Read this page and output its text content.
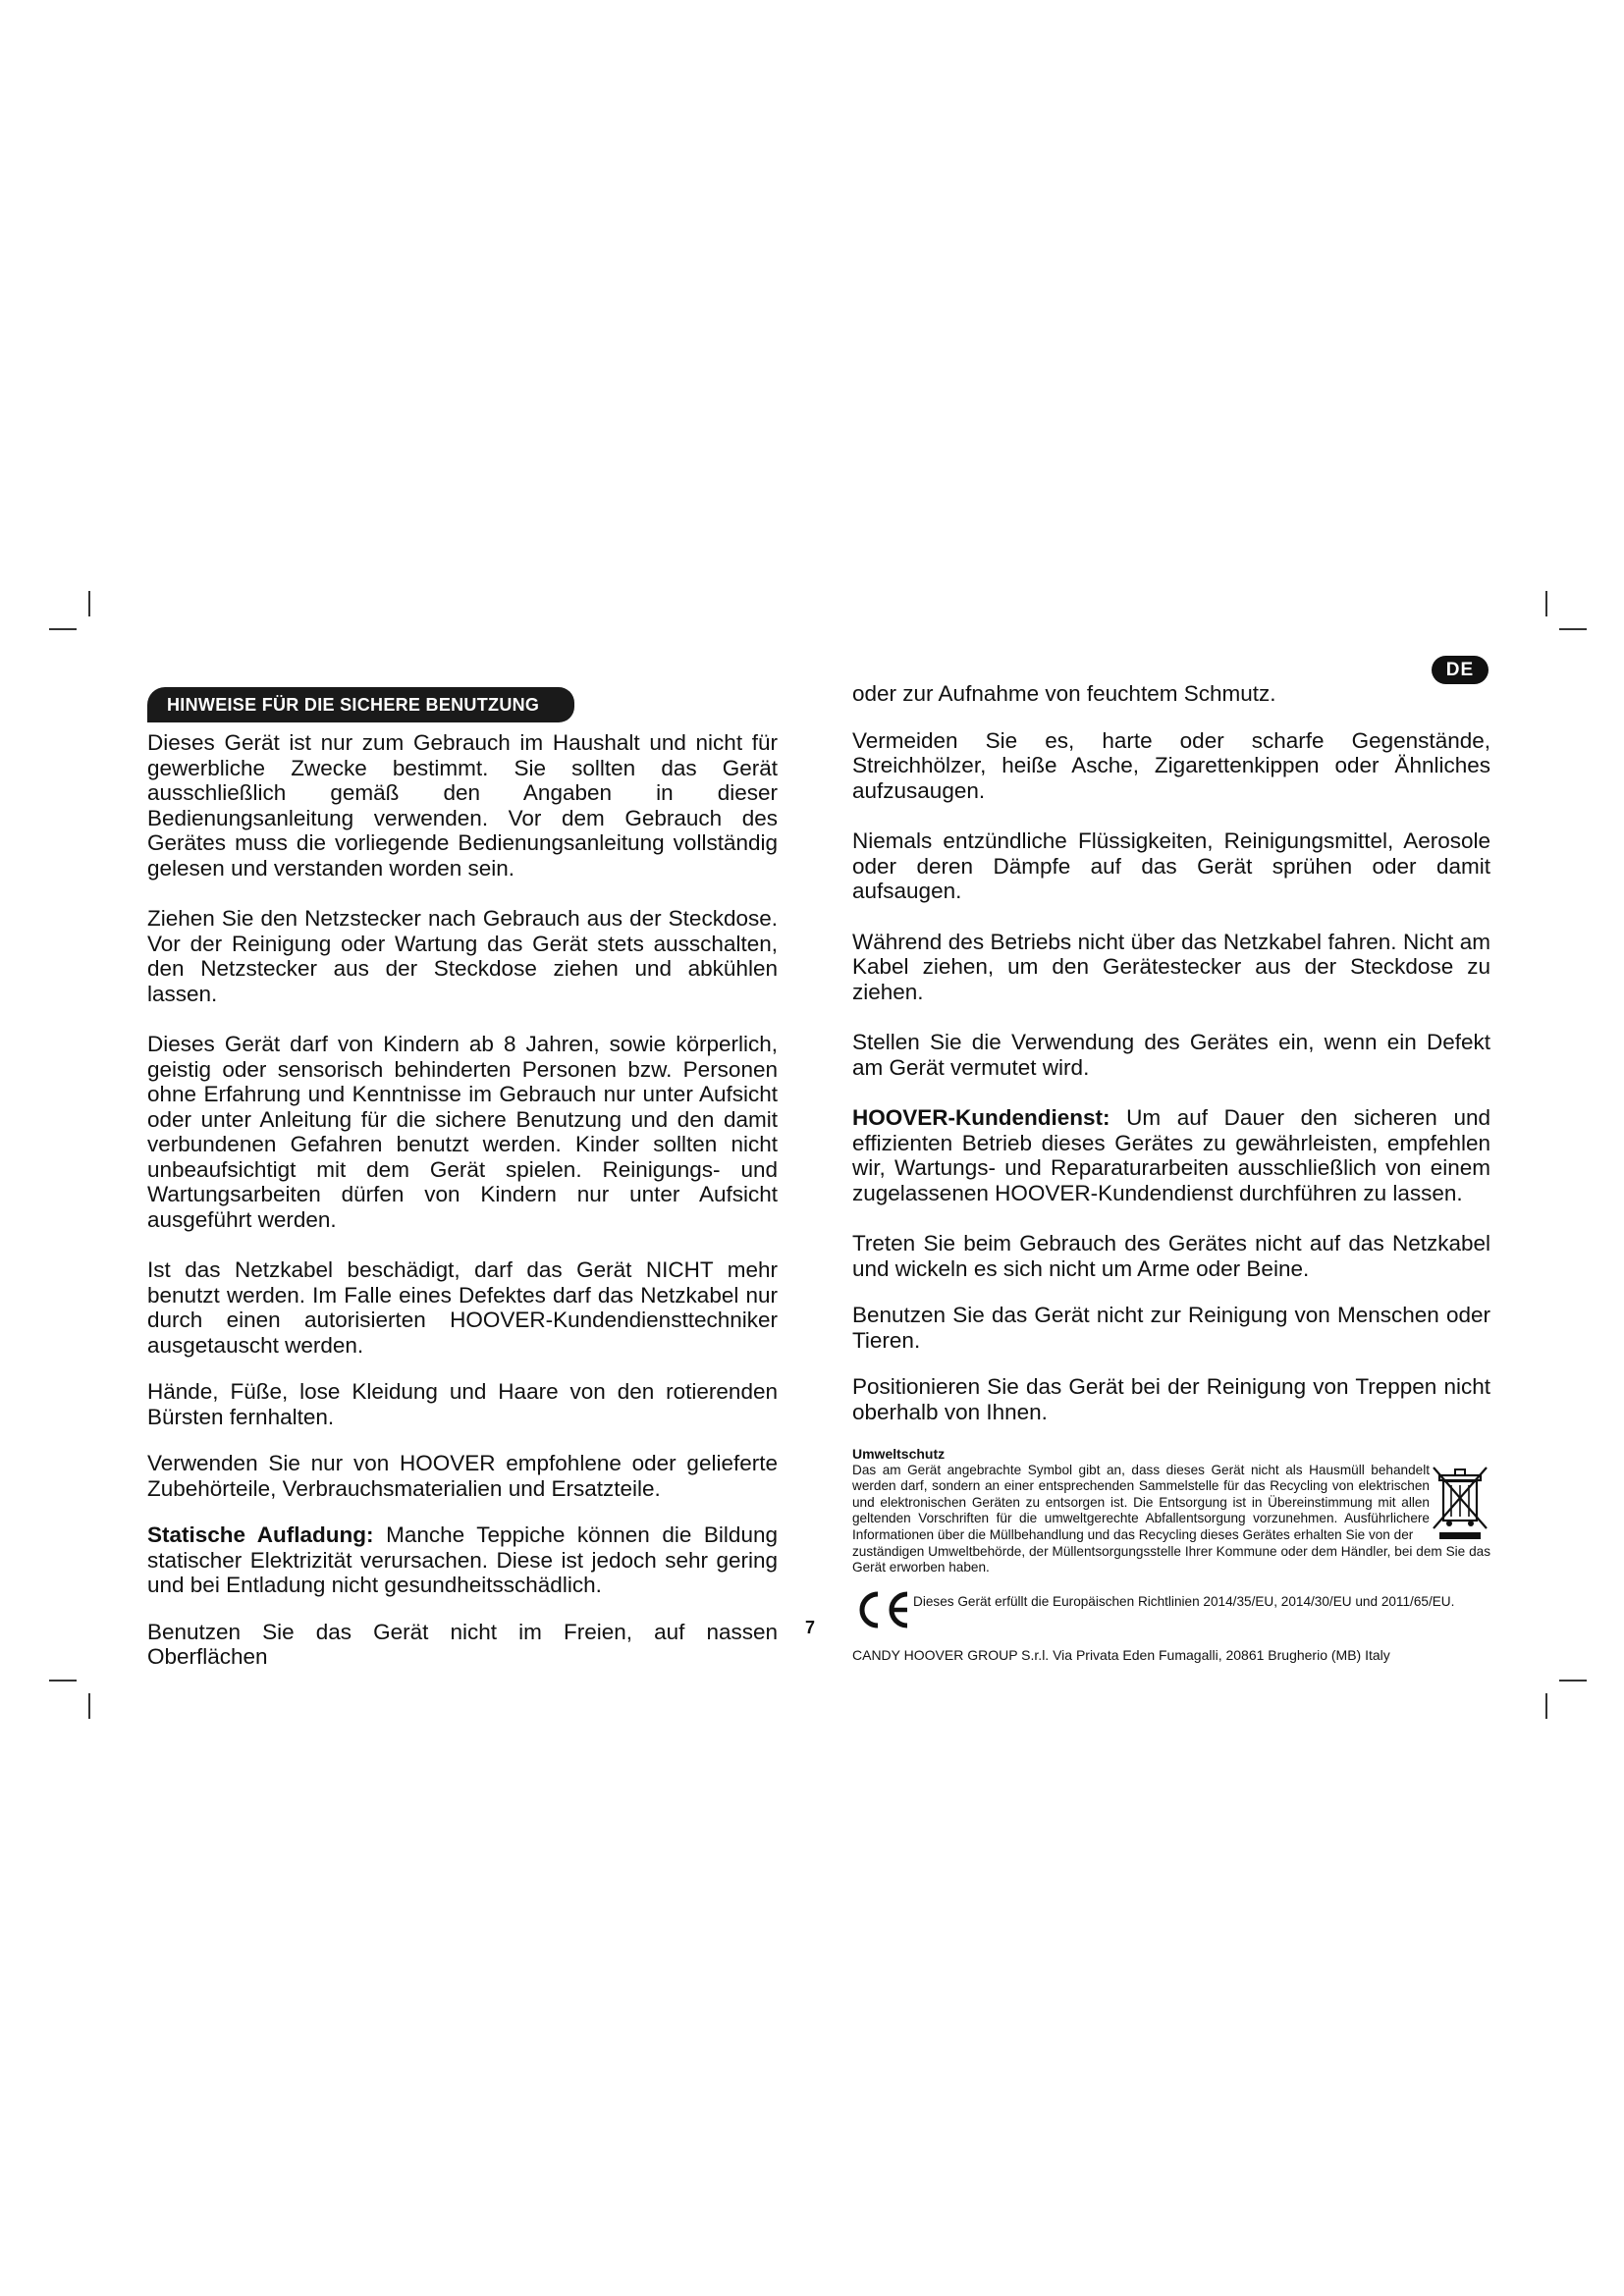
DE
HINWEISE FÜR DIE SICHERE BENUTZUNG

Dieses Gerät ist nur zum Gebrauch im Haushalt und nicht für gewerbliche Zwecke bestimmt. Sie sollten das Gerät ausschließlich gemäß den Angaben in dieser Bedienungsanleitung verwenden. Vor dem Gebrauch des Gerätes muss die vorliegende Bedienungsanleitung vollständig gelesen und verstanden worden sein.

Ziehen Sie den Netzstecker nach Gebrauch aus der Steckdose. Vor der Reinigung oder Wartung das Gerät stets ausschalten, den Netzstecker aus der Steckdose ziehen und abkühlen lassen.

Dieses Gerät darf von Kindern ab 8 Jahren, sowie körperlich, geistig oder sensorisch behinderten Personen bzw. Personen ohne Erfahrung und Kenntnisse im Gebrauch nur unter Aufsicht oder unter Anleitung für die sichere Benutzung und den damit verbundenen Gefahren benutzt werden. Kinder sollten nicht unbeaufsichtigt mit dem Gerät spielen. Reinigungs- und Wartungsarbeiten dürfen von Kindern nur unter Aufsicht ausgeführt werden.

Ist das Netzkabel beschädigt, darf das Gerät NICHT mehr benutzt werden. Im Falle eines Defektes darf das Netzkabel nur durch einen autorisierten HOOVER-Kundendiensttechniker ausgetauscht werden.

Hände, Füße, lose Kleidung und Haare von den rotierenden Bürsten fernhalten.

Verwenden Sie nur von HOOVER empfohlene oder gelieferte Zubehörteile, Verbrauchsmaterialien und Ersatzteile.

Statische Aufladung: Manche Teppiche können die Bildung statischer Elektrizität verursachen. Diese ist jedoch sehr gering und bei Entladung nicht gesundheitsschädlich.

Benutzen Sie das Gerät nicht im Freien, auf nassen Oberflächen

oder zur Aufnahme von feuchtem Schmutz.

Vermeiden Sie es, harte oder scharfe Gegenstände, Streichhölzer, heiße Asche, Zigarettenkippen oder Ähnliches aufzusaugen.

Niemals entzündliche Flüssigkeiten, Reinigungsmittel, Aerosole oder deren Dämpfe auf das Gerät sprühen oder damit aufsaugen.

Während des Betriebs nicht über das Netzkabel fahren. Nicht am Kabel ziehen, um den Gerätestecker aus der Steckdose zu ziehen.

Stellen Sie die Verwendung des Gerätes ein, wenn ein Defekt am Gerät vermutet wird.

HOOVER-Kundendienst: Um auf Dauer den sicheren und effizienten Betrieb dieses Gerätes zu gewährleisten, empfehlen wir, Wartungs- und Reparaturarbeiten ausschließlich von einem zugelassenen HOOVER-Kundendienst durchführen zu lassen.

Treten Sie beim Gebrauch des Gerätes nicht auf das Netzkabel und wickeln es sich nicht um Arme oder Beine.

Benutzen Sie das Gerät nicht zur Reinigung von Menschen oder Tieren.

Positionieren Sie das Gerät bei der Reinigung von Treppen nicht oberhalb von Ihnen.

Umweltschutz
Das am Gerät angebrachte Symbol gibt an, dass dieses Gerät nicht als Hausmüll behandelt werden darf, sondern an einer entsprechenden Sammelstelle für das Recycling von elektrischen und elektronischen Geräten zu entsorgen ist. Die Entsorgung ist in Übereinstimmung mit allen geltenden Vorschriften für die umweltgerechte Abfallentsorgung vorzunehmen. Ausführlichere Informationen über die Müllbehandlung und das Recycling dieses Gerätes erhalten Sie von der
zuständigen Umweltbehörde, der Müllentsorgungsstelle Ihrer Kommune oder dem Händler, bei dem Sie das Gerät erworben haben.
Dieses Gerät erfüllt die Europäischen Richtlinien 2014/35/EU, 2014/30/EU und 2011/65/EU.
CANDY HOOVER GROUP S.r.l. Via Privata Eden Fumagalli, 20861 Brugherio (MB) Italy
7
